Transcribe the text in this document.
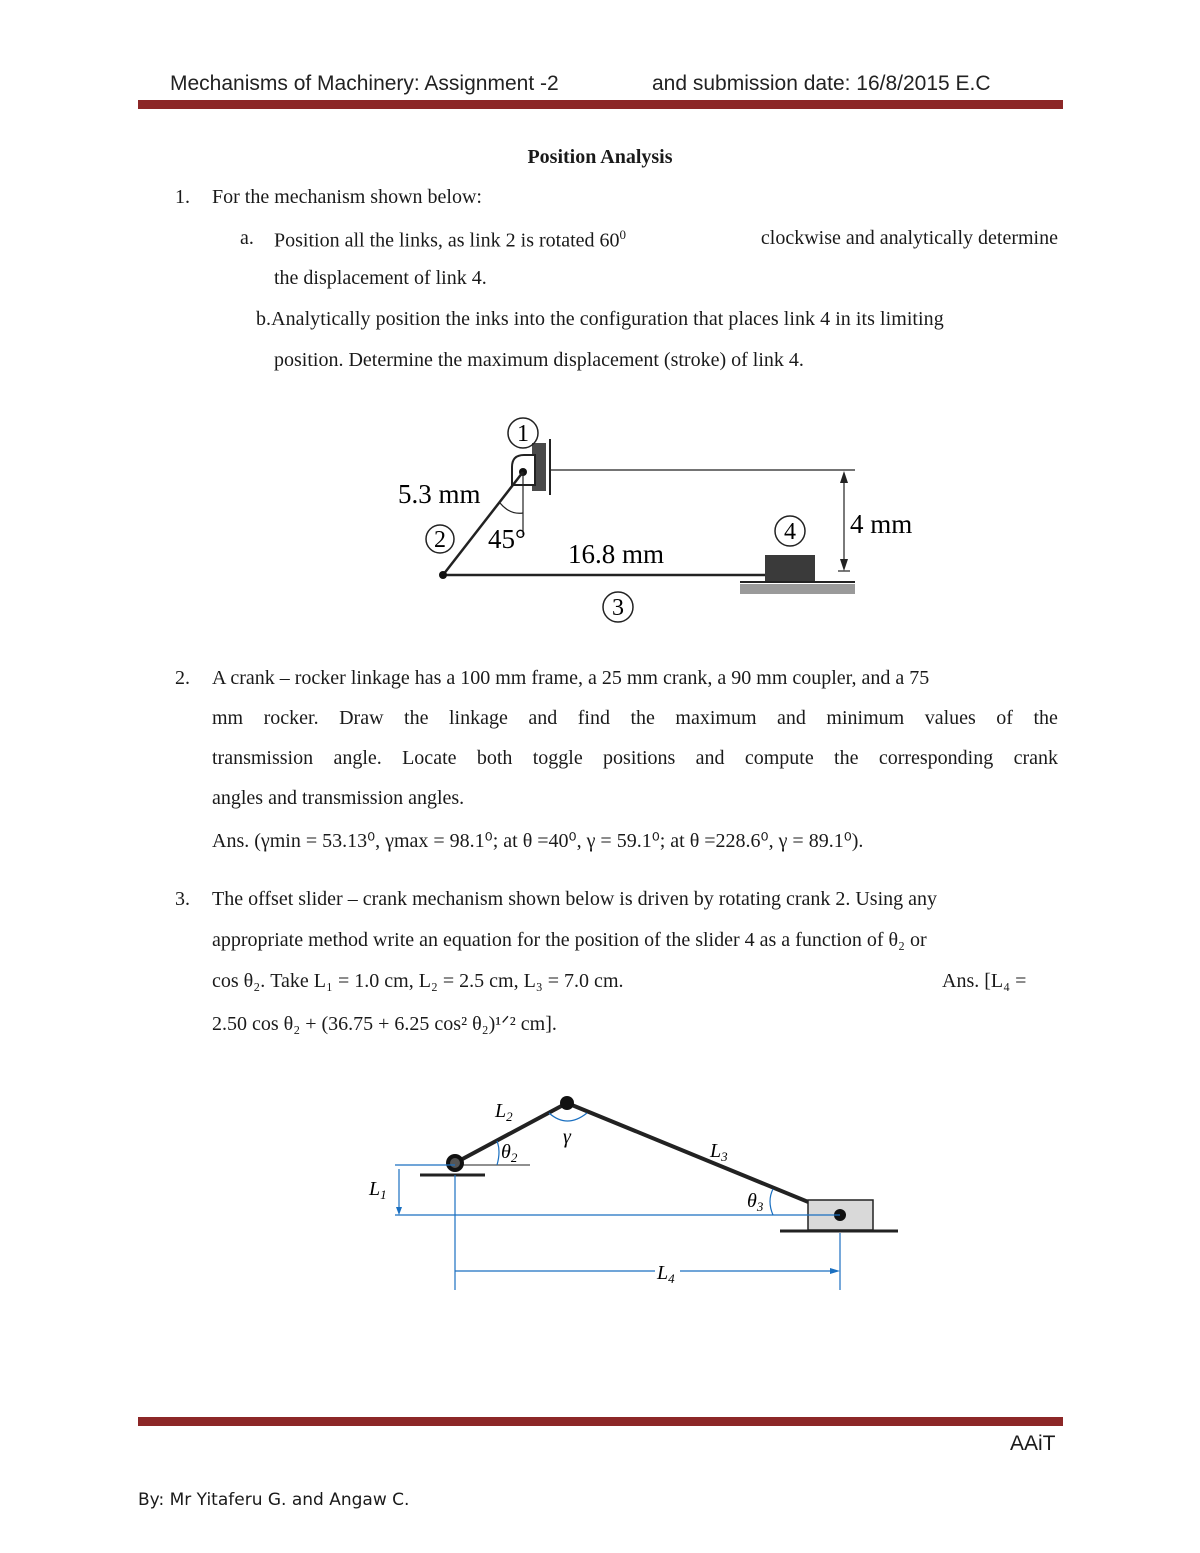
Mechanisms of Machinery: Assignment -2	and submission date: 16/8/2015 E.C
Position Analysis
1. For the mechanism shown below:
a. Position all the links, as link 2 is rotated $60^0$	clockwise and analytically determine
the displacement of link 4.
b.Analytically position the inks into the configuration that places link 4 in its limiting
position. Determine the maximum displacement (stroke) of link 4.
1
5.3 mm
2 45° 16.8 mm
3
4 4 mm
2. A crank – rocker linkage has a 100 mm frame, a 25 mm crank, a 90 mm coupler, and a 75
mm rocker. Draw the linkage and find the maximum and minimum values of the
transmission angle. Locate both toggle positions and compute the corresponding crank
angles and transmission angles.
Ans. (γmin = 53.13⁰, γmax = 98.1⁰; at θ =40⁰, γ = 59.1⁰; at θ =228.6⁰, γ = 89.1⁰).
3. The offset slider – crank mechanism shown below is driven by rotating crank 2. Using any
appropriate method write an equation for the position of the slider 4 as a function of θ₂ or
cos θ₂. Take L₁ = 1.0 cm, L₂ = 2.5 cm, L₃ = 7.0 cm.	Ans. [L₄ =
2.50 cos θ₂ + (36.75 + 6.25 cos² θ₂)¹ᐟ² cm].
$L_1$
$L_4$
$L_2$
$\theta_2$
γ
$L_3$
$\theta_3$
AAiT
By: Mr Yitaferu G. and Angaw C.
